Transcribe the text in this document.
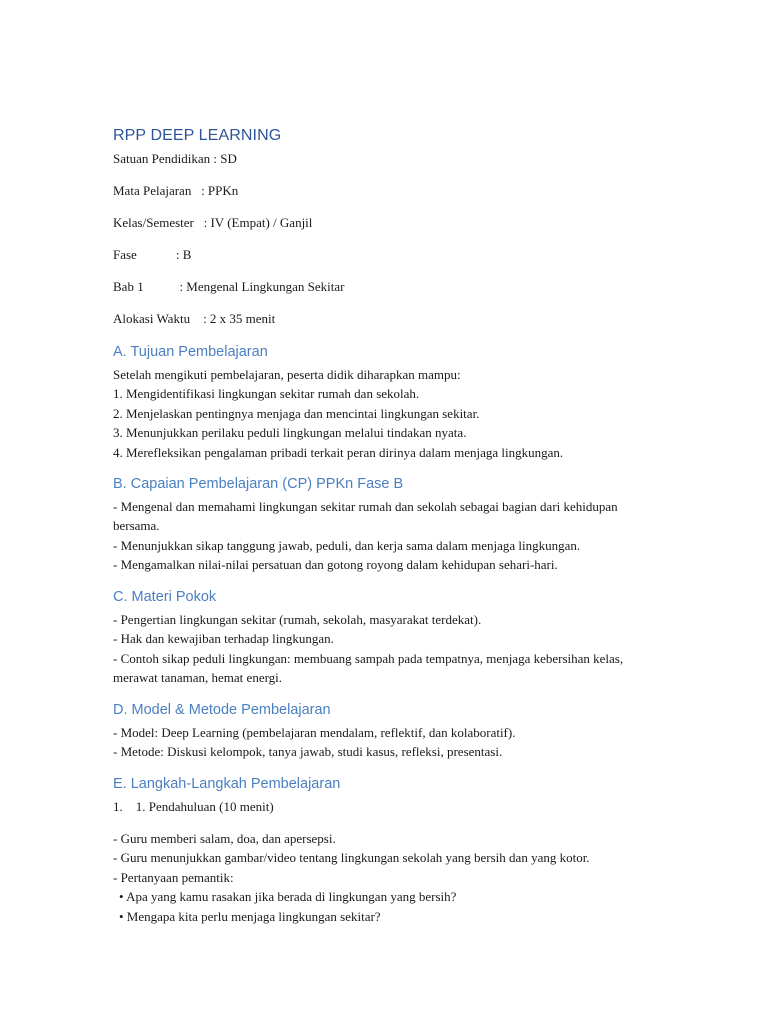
RPP DEEP LEARNING
Satuan Pendidikan : SD
Mata Pelajaran   : PPKn
Kelas/Semester   : IV (Empat) / Ganjil
Fase            : B
Bab 1           : Mengenal Lingkungan Sekitar
Alokasi Waktu    : 2 x 35 menit
A. Tujuan Pembelajaran
Setelah mengikuti pembelajaran, peserta didik diharapkan mampu:
1. Mengidentifikasi lingkungan sekitar rumah dan sekolah.
2. Menjelaskan pentingnya menjaga dan mencintai lingkungan sekitar.
3. Menunjukkan perilaku peduli lingkungan melalui tindakan nyata.
4. Merefleksikan pengalaman pribadi terkait peran dirinya dalam menjaga lingkungan.
B. Capaian Pembelajaran (CP) PPKn Fase B
- Mengenal dan memahami lingkungan sekitar rumah dan sekolah sebagai bagian dari kehidupan bersama.
- Menunjukkan sikap tanggung jawab, peduli, dan kerja sama dalam menjaga lingkungan.
- Mengamalkan nilai-nilai persatuan dan gotong royong dalam kehidupan sehari-hari.
C. Materi Pokok
- Pengertian lingkungan sekitar (rumah, sekolah, masyarakat terdekat).
- Hak dan kewajiban terhadap lingkungan.
- Contoh sikap peduli lingkungan: membuang sampah pada tempatnya, menjaga kebersihan kelas, merawat tanaman, hemat energi.
D. Model & Metode Pembelajaran
- Model: Deep Learning (pembelajaran mendalam, reflektif, dan kolaboratif).
- Metode: Diskusi kelompok, tanya jawab, studi kasus, refleksi, presentasi.
E. Langkah-Langkah Pembelajaran
1.    1. Pendahuluan (10 menit)
- Guru memberi salam, doa, dan apersepsi.
- Guru menunjukkan gambar/video tentang lingkungan sekolah yang bersih dan yang kotor.
- Pertanyaan pemantik:
• Apa yang kamu rasakan jika berada di lingkungan yang bersih?
• Mengapa kita perlu menjaga lingkungan sekitar?
